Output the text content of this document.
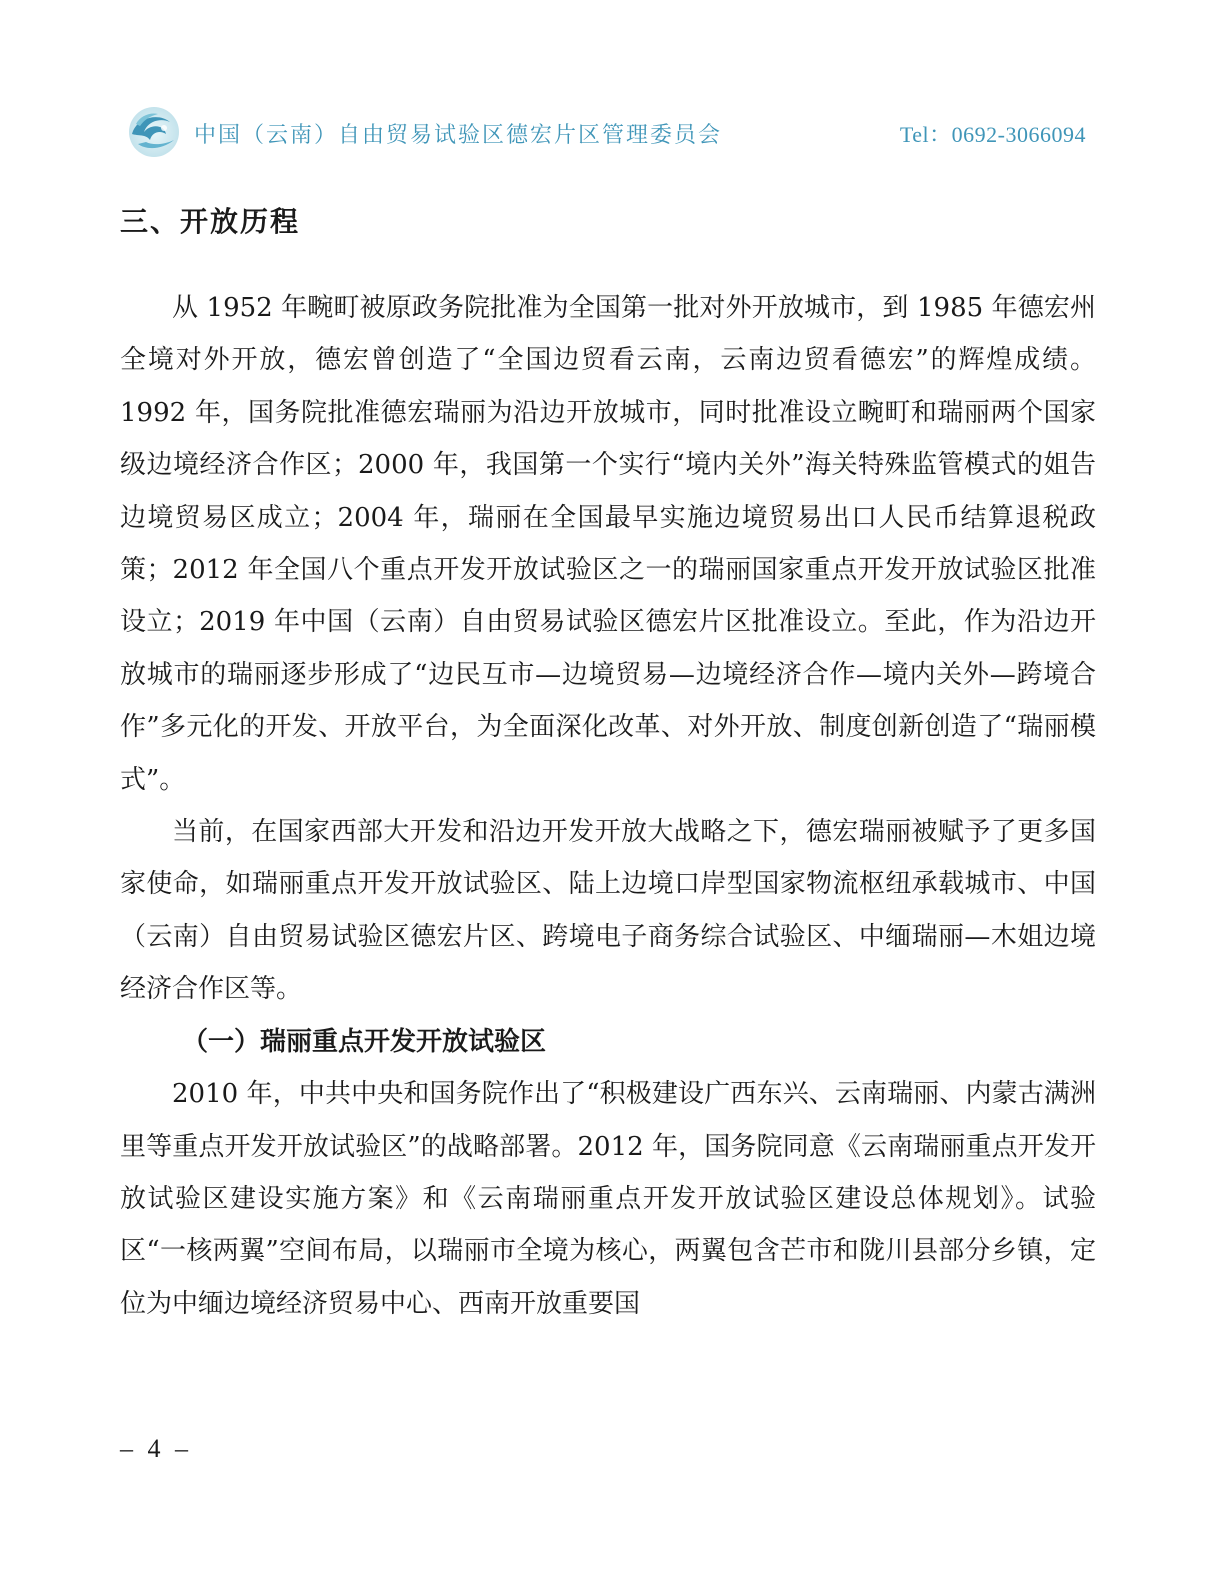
中国（云南）自由贸易试验区德宏片区管理委员会	Tel：0692-3066094
三、开放历程

从 1952 年畹町被原政务院批准为全国第一批对外开放城市，到 1985 年德宏州全境对外开放，德宏曾创造了“全国边贸看云南，云南边贸看德宏”的辉煌成绩。1992 年，国务院批准德宏瑞丽为沿边开放城市，同时批准设立畹町和瑞丽两个国家级边境经济合作区；2000 年，我国第一个实行“境内关外”海关特殊监管模式的姐告边境贸易区成立；2004 年，瑞丽在全国最早实施边境贸易出口人民币结算退税政策；2012 年全国八个重点开发开放试验区之一的瑞丽国家重点开发开放试验区批准设立；2019 年中国（云南）自由贸易试验区德宏片区批准设立。至此，作为沿边开放城市的瑞丽逐步形成了“边民互市—边境贸易—边境经济合作—境内关外—跨境合作”多元化的开发、开放平台，为全面深化改革、对外开放、制度创新创造了“瑞丽模式”。

当前，在国家西部大开发和沿边开发开放大战略之下，德宏瑞丽被赋予了更多国家使命，如瑞丽重点开发开放试验区、陆上边境口岸型国家物流枢纽承载城市、中国（云南）自由贸易试验区德宏片区、跨境电子商务综合试验区、中缅瑞丽—木姐边境经济合作区等。

（一）瑞丽重点开发开放试验区

2010 年，中共中央和国务院作出了“积极建设广西东兴、云南瑞丽、内蒙古满洲里等重点开发开放试验区”的战略部署。2012 年，国务院同意《云南瑞丽重点开发开放试验区建设实施方案》和《云南瑞丽重点开发开放试验区建设总体规划》。试验区“一核两翼”空间布局，以瑞丽市全境为核心，两翼包含芒市和陇川县部分乡镇，定位为中缅边境经济贸易中心、西南开放重要国

– 4 –
